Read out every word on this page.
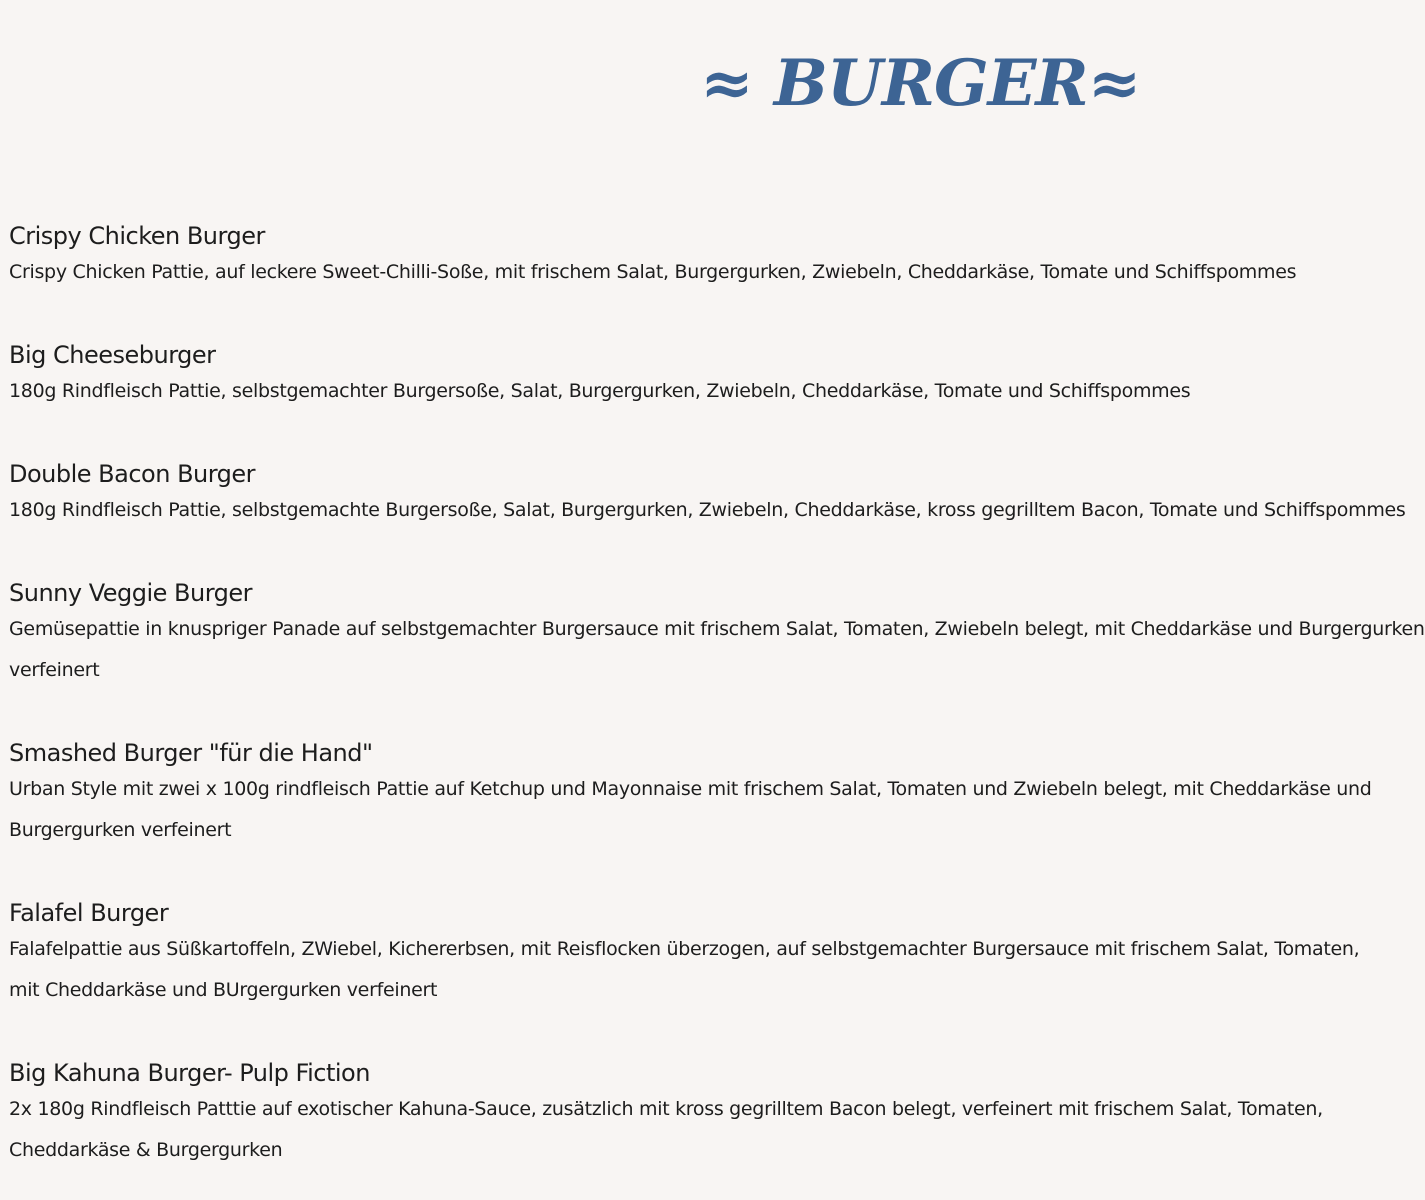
≈ BURGER≈
Crispy Chicken Burger
Crispy Chicken Pattie, auf leckere Sweet-Chilli-Soße, mit frischem Salat, Burgergurken, Zwiebeln, Cheddarkäse, Tomate und Schiffspommes
Big Cheeseburger
180g Rindfleisch Pattie, selbstgemachter Burgersoße, Salat, Burgergurken, Zwiebeln, Cheddarkäse, Tomate und Schiffspommes
Double Bacon Burger
180g Rindfleisch Pattie, selbstgemachte Burgersoße, Salat, Burgergurken, Zwiebeln, Cheddarkäse, kross gegrilltem Bacon, Tomate und Schiffspommes
Sunny Veggie Burger
Gemüsepattie in knuspriger Panade auf selbstgemachter Burgersauce mit frischem Salat, Tomaten, Zwiebeln belegt, mit Cheddarkäse und Burgergurken
verfeinert
Smashed Burger "für die Hand"
Urban Style mit zwei x 100g rindfleisch Pattie auf Ketchup und Mayonnaise mit frischem Salat, Tomaten und Zwiebeln belegt, mit Cheddarkäse und
Burgergurken verfeinert
Falafel Burger
Falafelpattie aus Süßkartoffeln, ZWiebel, Kichererbsen, mit Reisflocken überzogen, auf selbstgemachter Burgersauce mit frischem Salat, Tomaten,
mit Cheddarkäse und BUrgergurken verfeinert
Big Kahuna Burger- Pulp Fiction
2x 180g Rindfleisch Patttie auf exotischer Kahuna-Sauce, zusätzlich mit kross gegrilltem Bacon belegt, verfeinert mit frischem Salat, Tomaten,
Cheddarkäse & Burgergurken
